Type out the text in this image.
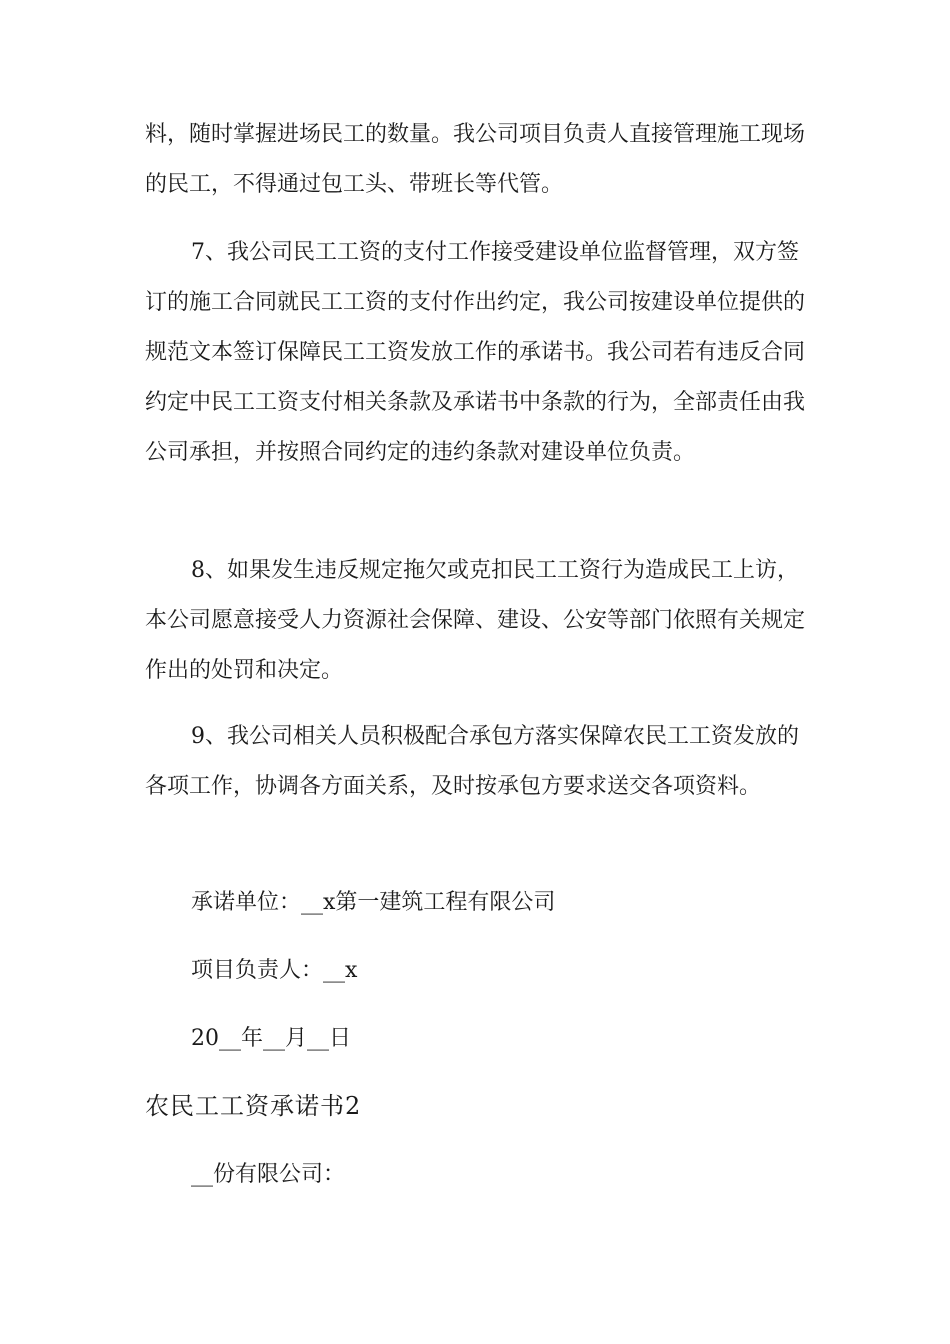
料，随时掌握进场民工的数量。我公司项目负责人直接管理施工现场的民工，不得通过包工头、带班长等代管。
7、我公司民工工资的支付工作接受建设单位监督管理，双方签订的施工合同就民工工资的支付作出约定，我公司按建设单位提供的规范文本签订保障民工工资发放工作的承诺书。我公司若有违反合同约定中民工工资支付相关条款及承诺书中条款的行为，全部责任由我公司承担，并按照合同约定的违约条款对建设单位负责。
8、如果发生违反规定拖欠或克扣民工工资行为造成民工上访，本公司愿意接受人力资源社会保障、建设、公安等部门依照有关规定作出的处罚和决定。
9、我公司相关人员积极配合承包方落实保障农民工工资发放的各项工作，协调各方面关系，及时按承包方要求送交各项资料。
承诺单位：__x第一建筑工程有限公司
项目负责人：__x
20__年__月__日
农民工工资承诺书2
__份有限公司：
